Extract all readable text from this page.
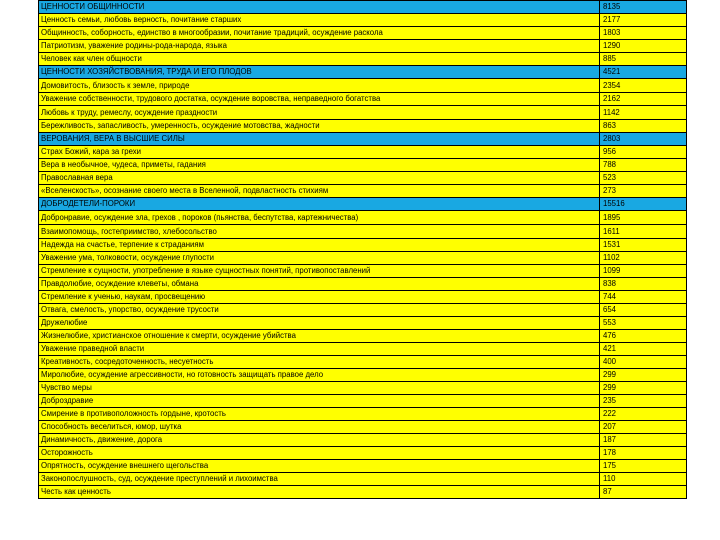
ЦЕННОСТИ ОБЩИННОСТИ	8135
Ценность семьи, любовь верность, почитание старших	2177
Общинность, соборность, единство в многообразии, почитание традиций, осуждение раскола	1803
Патриотизм, уважение родины-рода-народа, языка	1290
Человек как член общности	885
ЦЕННОСТИ ХОЗЯЙСТВОВАНИЯ, ТРУДА И ЕГО ПЛОДОВ	4521
Домовитость, близость к земле, природе	2354
Уважение собственности, трудового достатка, осуждение воровства, неправедного богатства	2162
Любовь к труду, ремеслу, осуждение праздности	1142
Бережливость, запасливость, умеренность, осуждение мотовства, жадности	863
ВЕРОВАНИЯ, ВЕРА В ВЫСШИЕ СИЛЫ	2803
Страх Божий, кара за грехи	956
Вера в необычное, чудеса, приметы, гадания	788
Православная вера	523
«Вселенскость», осознание своего места в Вселенной, подвластность стихиям	273
ДОБРОДЕТЕЛИ-ПОРОКИ	15516
Добронравие, осуждение зла, грехов , пороков (пьянства, беспутства, картежничества)	1895
Взаимопомощь, гостеприимство, хлебосольство	1611
Надежда на счастье, терпение к страданиям	1531
Уважение ума, толковости, осуждение глупости	1102
Стремление к сущности, употребление в языке сущностных понятий, противопоставлений	1099
Правдолюбие, осуждение клеветы, обмана	838
Стремление к ученью, наукам, просвещению	744
Отвага, смелость, упорство, осуждение трусости	654
Дружелюбие	553
Жизнелюбие, христианское отношение к смерти, осуждение убийства	476
Уважение праведной власти	421
Креативность, сосредоточенность, несуетность	400
Миролюбие, осуждение агрессивности, но готовность защищать правое дело	299
Чувство меры	299
Доброздравие	235
Смирение в противоположность гордыне, кротость	222
Способность веселиться, юмор, шутка	207
Динамичность, движение, дорога	187
Осторожность	178
Опрятность, осуждение внешнего щегольства	175
Законопослушность, суд, осуждение преступлений и лихоимства	110
Честь как ценность	87
